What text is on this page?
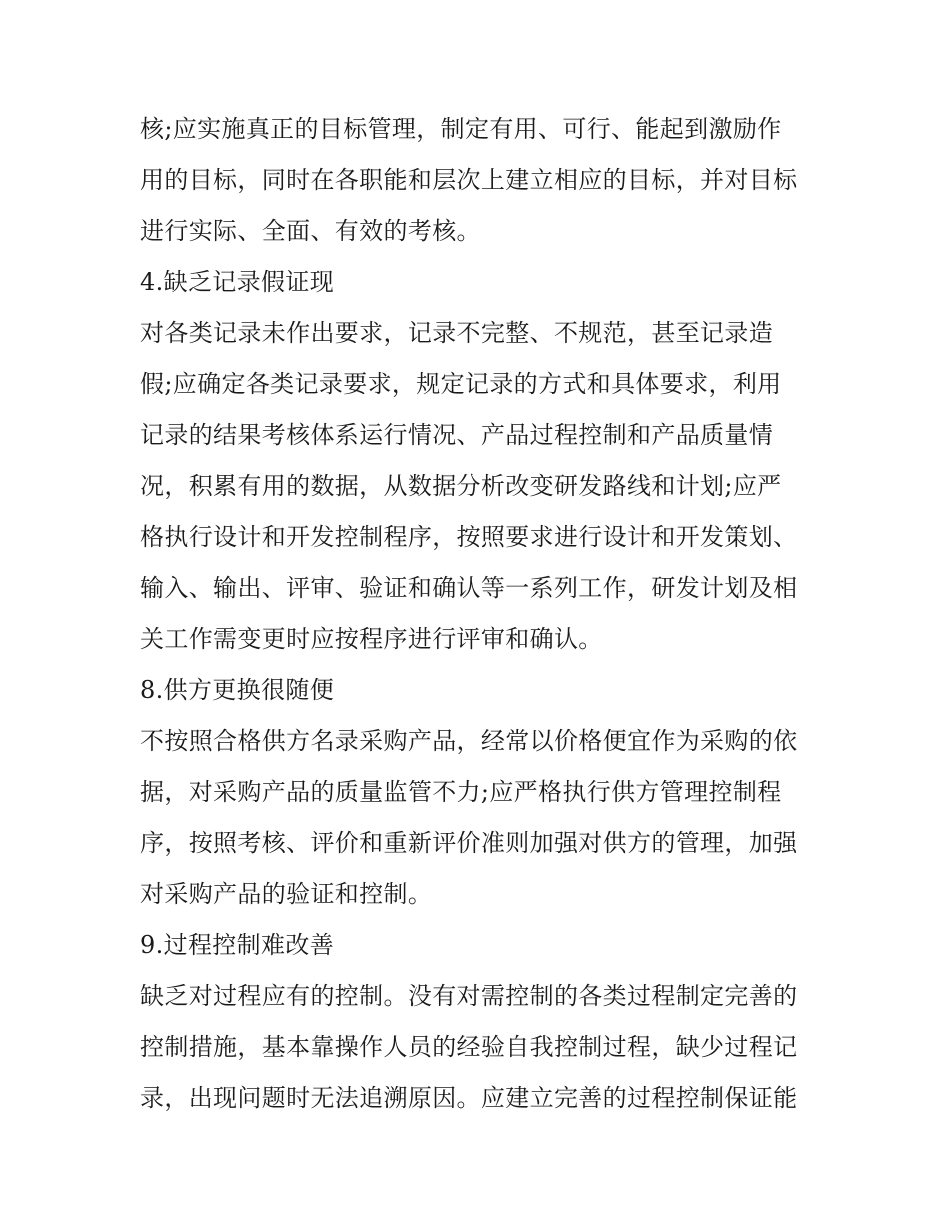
核;应实施真正的目标管理，制定有用、可行、能起到激励作
用的目标，同时在各职能和层次上建立相应的目标，并对目标
进行实际、全面、有效的考核。
4.缺乏记录假证现
对各类记录未作出要求，记录不完整、不规范，甚至记录造
假;应确定各类记录要求，规定记录的方式和具体要求，利用
记录的结果考核体系运行情况、产品过程控制和产品质量情
况，积累有用的数据，从数据分析改变研发路线和计划;应严
格执行设计和开发控制程序，按照要求进行设计和开发策划、
输入、输出、评审、验证和确认等一系列工作，研发计划及相
关工作需变更时应按程序进行评审和确认。
8.供方更换很随便
不按照合格供方名录采购产品，经常以价格便宜作为采购的依
据，对采购产品的质量监管不力;应严格执行供方管理控制程
序，按照考核、评价和重新评价准则加强对供方的管理，加强
对采购产品的验证和控制。
9.过程控制难改善
缺乏对过程应有的控制。没有对需控制的各类过程制定完善的
控制措施，基本靠操作人员的经验自我控制过程，缺少过程记
录，出现问题时无法追溯原因。应建立完善的过程控制保证能
